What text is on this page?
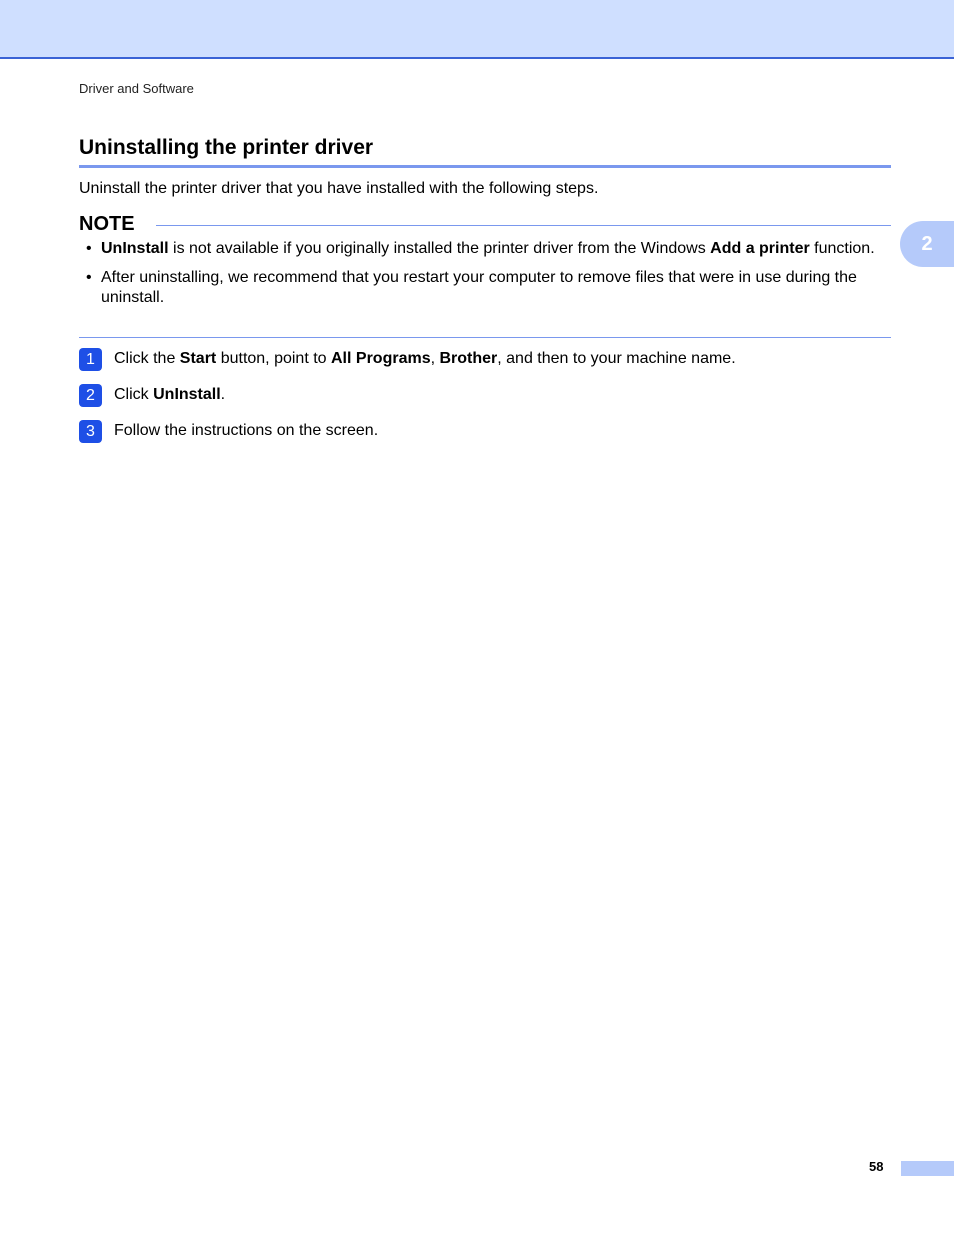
Driver and Software
Uninstalling the printer driver
Uninstall the printer driver that you have installed with the following steps.
NOTE
• UnInstall is not available if you originally installed the printer driver from the Windows Add a printer function.
• After uninstalling, we recommend that you restart your computer to remove files that were in use during the uninstall.
1	Click the Start button, point to All Programs, Brother, and then to your machine name.
2	Click UnInstall.
3	Follow the instructions on the screen.
2
58
